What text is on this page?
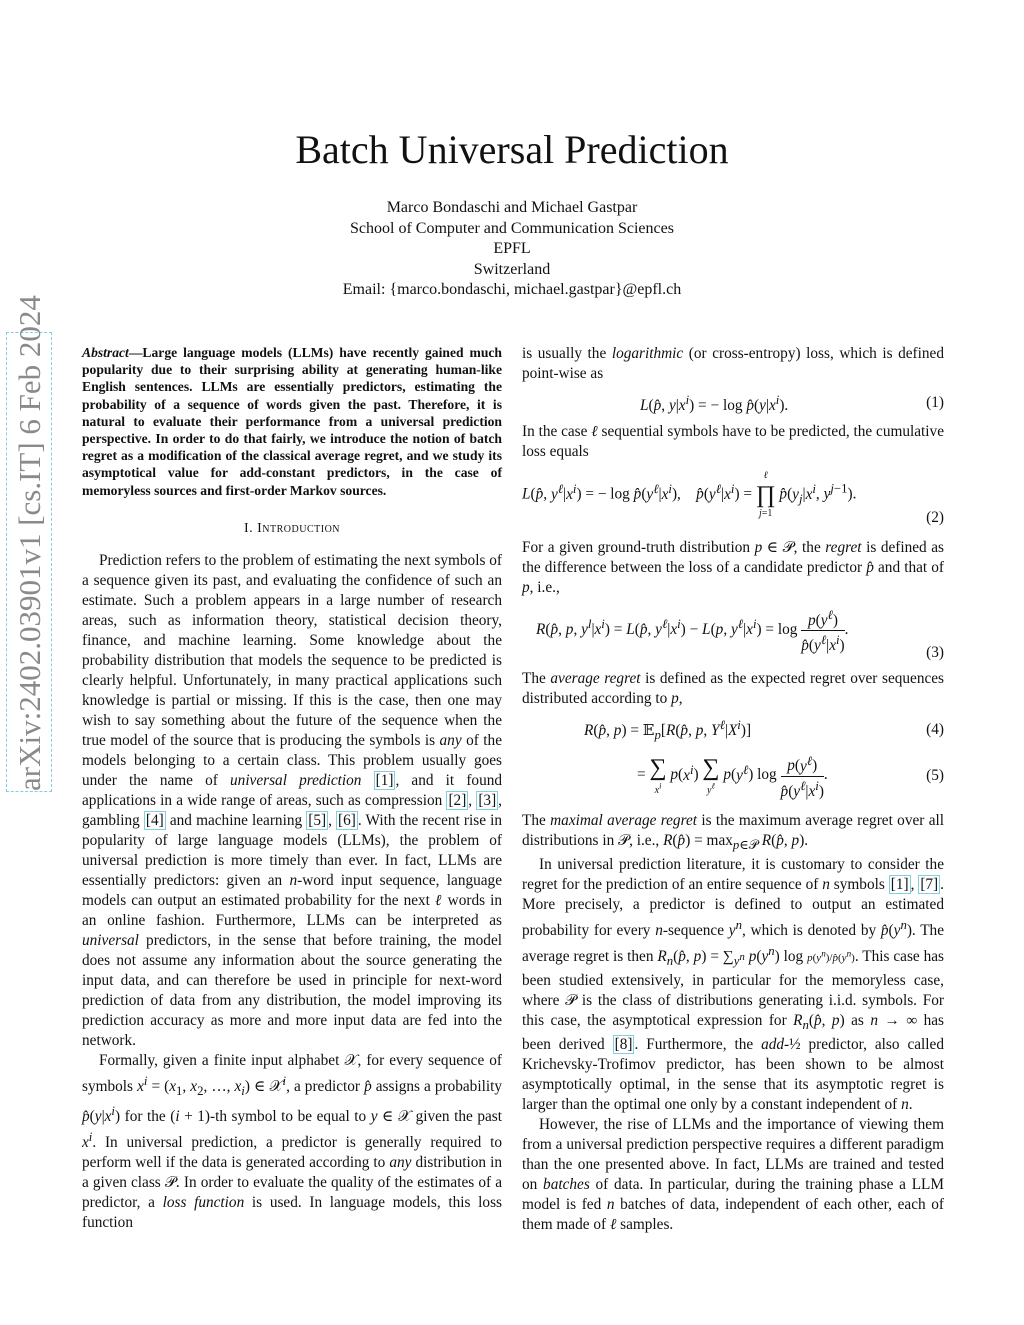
Batch Universal Prediction
Marco Bondaschi and Michael Gastpar
School of Computer and Communication Sciences
EPFL
Switzerland
Email: {marco.bondaschi, michael.gastpar}@epfl.ch
arXiv:2402.03901v1 [cs.IT] 6 Feb 2024	Abstract—Large language models (LLMs) have recently gained much popularity due to their surprising ability at generating human-like English sentences. LLMs are essentially predictors, estimating the probability of a sequence of words given the past. Therefore, it is natural to evaluate their performance from a universal prediction perspective. In order to do that fairly, we introduce the notion of batch regret as a modification of the classical average regret, and we study its asymptotical value for add-constant predictors, in the case of memoryless sources and first-order Markov sources.

I. Introduction

Prediction refers to the problem of estimating the next symbols of a sequence given its past, and evaluating the confidence of such an estimate. Such a problem appears in a large number of research areas, such as information theory, statistical decision theory, finance, and machine learning. Some knowledge about the probability distribution that models the sequence to be predicted is clearly helpful. Unfortunately, in many practical applications such knowledge is partial or missing. If this is the case, then one may wish to say something about the future of the sequence when the true model of the source that is producing the symbols is any of the models belonging to a certain class. This problem usually goes under the name of universal prediction [1] , and it found applications in a wide range of areas, such as compression [2] , [3] , gambling [4] and machine learning [5] , [6] . With the recent rise in popularity of large language models (LLMs), the problem of universal prediction is more timely than ever. In fact, LLMs are essentially predictors: given an n-word input sequence, language models can output an estimated probability for the next ℓ words in an online fashion. Furthermore, LLMs can be interpreted as universal predictors, in the sense that before training, the model does not assume any information about the source generating the input data, and can therefore be used in principle for next-word prediction of data from any distribution, the model improving its prediction accuracy as more and more input data are fed into the network.

Formally, given a finite input alphabet 𝒳, for every sequence of symbols $x^i = (x_1$, $x_2$, …, $x_i$) ∈ 𝒳$^i$, a predictor p̂ assigns a probability $p̂(y|x^i)$ for the (i + 1)-th symbol to be equal to y ∈ 𝒳 given the past $x^i$. In universal prediction, a predictor is generally required to perform well if the data is generated according to any distribution in a given class 𝒫. In order to evaluate the quality of the estimates of a predictor, a loss function is used. In language models, this loss function

is usually the logarithmic (or cross-entropy) loss, which is defined point-wise as

L(p̂, $y|x^i$) = − $\log p̂(y|x^i)$.	(1)

In the case ℓ sequential symbols have to be predicted, the cumulative loss equals

L(p̂, $y^\ell|x^i$) = − $\log p̂(y^\ell|x^i)$,    $p̂(y^\ell|x^i)$ =
ℓ
∏
j=1
$p̂(y_j|x^i$, $y^{j-1}$).
(2)

For a given ground-truth distribution p ∈ 𝒫, the regret is defined as the difference between the loss of a candidate predictor p̂ and that of p, i.e.,

R(p̂, p, $y^l|x^i$) = L(p̂, $y^\ell|x^i) - L(p$, $y^\ell|x^i) = \log \frac{p(y^\ell)}{p̂(y^\ell|x^i)}$ .
(3)

The average regret is defined as the expected regret over sequences distributed according to p,

R(p̂, p) = 𝔼$_p$[R(p̂, p, $Y^\ell|X^i$)]	(4)
= ∑
$x^i$
$p(x^i)$ ∑
$y^\ell$
$p(y^\ell)$ $\log \frac{p(y^\ell)}{p̂(y^\ell|x^i)}$ .	(5)

The maximal average regret is the maximum average regret over all distributions in 𝒫, i.e., R(p̂) = $\max_{p\in 𝒫}$ R(p̂, p).

In universal prediction literature, it is customary to consider the regret for the prediction of an entire sequence of n symbols [1] , [7] . More precisely, a predictor is defined to output an estimated probability for every n-sequence $y^n$, which is denoted by $p̂(y^n)$. The average regret is then $R_n(p̂$, $p) = \sum_{y^n}$ $p(y^n)$ $\log p(y^n)/p̂(y^n)$. This case has been studied extensively, in particular for the memoryless case, where 𝒫 is the class of distributions generating i.i.d. symbols. For this case, the asymptotical expression for $R_n(p̂$, p) as n → ∞ has been derived [8] . Furthermore, the add-½ predictor, also called Krichevsky-Trofimov predictor, has been shown to be almost asymptotically optimal, in the sense that its asymptotic regret is larger than the optimal one only by a constant independent of n.

However, the rise of LLMs and the importance of viewing them from a universal prediction perspective requires a different paradigm than the one presented above. In fact, LLMs are trained and tested on batches of data. In particular, during the training phase a LLM model is fed n batches of data, independent of each other, each of them made of ℓ samples.
